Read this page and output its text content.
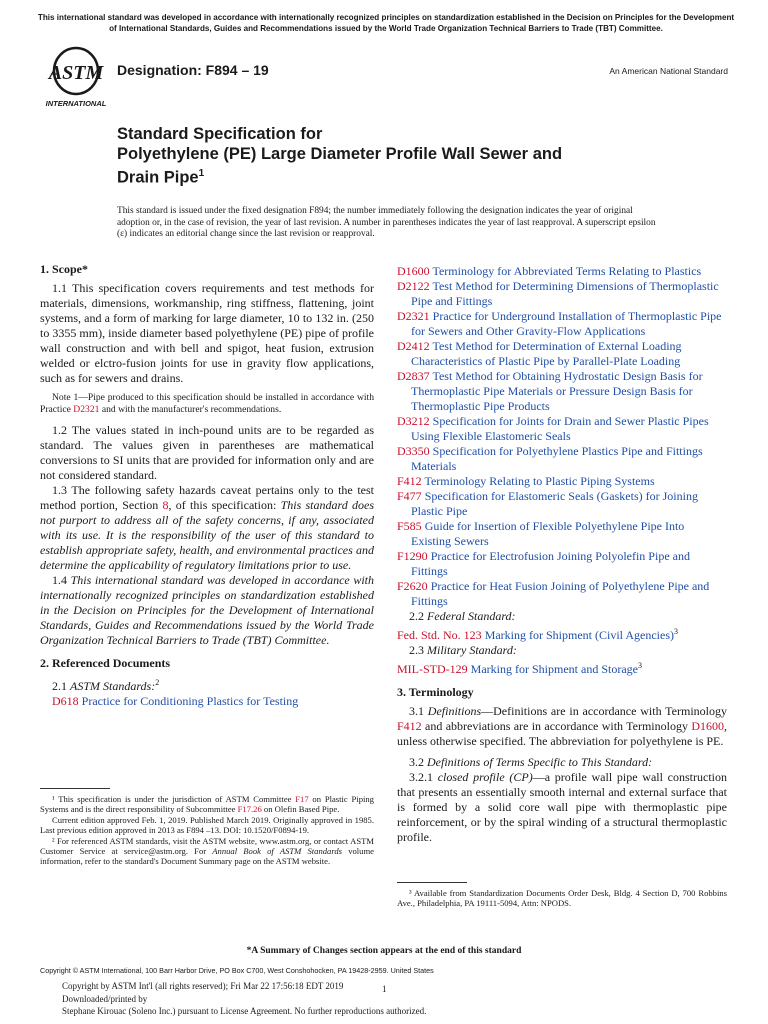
This international standard was developed in accordance with internationally recognized principles on standardization established in the Decision on Principles for the Development of International Standards, Guides and Recommendations issued by the World Trade Organization Technical Barriers to Trade (TBT) Committee.
ASTM
INTERNATIONAL
Designation: F894 – 19	An American National Standard
Standard Specification for
Polyethylene (PE) Large Diameter Profile Wall Sewer and
Drain Pipe$^1$
This standard is issued under the fixed designation F894; the number immediately following the designation indicates the year of original adoption or, in the case of revision, the year of last revision. A number in parentheses indicates the year of last reapproval. A superscript epsilon (ε) indicates an editorial change since the last revision or reapproval.
1. Scope*

1.1 This specification covers requirements and test methods for materials, dimensions, workmanship, ring stiffness, flattening, joint systems, and a form of marking for large diameter, 10 to 132 in. (250 to 3355 mm), inside diameter based polyethylene (PE) pipe of profile wall construction and with bell and spigot, heat fusion, extrusion welded or elctro-fusion joints for use in gravity flow applications, such as for sewers and drains.

Note 1—Pipe produced to this specification should be installed in accordance with Practice D2321 and with the manufacturer's recommendations.

1.2 The values stated in inch-pound units are to be regarded as standard. The values given in parentheses are mathematical conversions to SI units that are provided for information only and are not considered standard.

1.3 The following safety hazards caveat pertains only to the test method portion, Section 8, of this specification: This standard does not purport to address all of the safety concerns, if any, associated with its use. It is the responsibility of the user of this standard to establish appropriate safety, health, and environmental practices and determine the applicability of regulatory limitations prior to use.

1.4 This international standard was developed in accordance with internationally recognized principles on standardization established in the Decision on Principles for the Development of International Standards, Guides and Recommendations issued by the World Trade Organization Technical Barriers to Trade (TBT) Committee.

2. Referenced Documents

2.1 ASTM Standards:$^2$

D618 Practice for Conditioning Plastics for Testing

¹ This specification is under the jurisdiction of ASTM Committee F17 on Plastic Piping Systems and is the direct responsibility of Subcommittee F17.26 on Olefin Based Pipe.

Current edition approved Feb. 1, 2019. Published March 2019. Originally approved in 1985. Last previous edition approved in 2013 as F894 –13. DOI: 10.1520/F0894-19.

² For referenced ASTM standards, visit the ASTM website, www.astm.org, or contact ASTM Customer Service at service@astm.org. For Annual Book of ASTM Standards volume information, refer to the standard's Document Summary page on the ASTM website.

D1600 Terminology for Abbreviated Terms Relating to Plastics

D2122 Test Method for Determining Dimensions of Thermoplastic Pipe and Fittings

D2321 Practice for Underground Installation of Thermoplastic Pipe for Sewers and Other Gravity-Flow Applications

D2412 Test Method for Determination of External Loading Characteristics of Plastic Pipe by Parallel-Plate Loading

D2837 Test Method for Obtaining Hydrostatic Design Basis for Thermoplastic Pipe Materials or Pressure Design Basis for Thermoplastic Pipe Products

D3212 Specification for Joints for Drain and Sewer Plastic Pipes Using Flexible Elastomeric Seals

D3350 Specification for Polyethylene Plastics Pipe and Fittings Materials

F412 Terminology Relating to Plastic Piping Systems

F477 Specification for Elastomeric Seals (Gaskets) for Joining Plastic Pipe

F585 Guide for Insertion of Flexible Polyethylene Pipe Into Existing Sewers

F1290 Practice for Electrofusion Joining Polyolefin Pipe and Fittings

F2620 Practice for Heat Fusion Joining of Polyethylene Pipe and Fittings

2.2 Federal Standard:

Fed. Std. No. 123 Marking for Shipment (Civil Agencies)$^3$

2.3 Military Standard:

MIL-STD-129 Marking for Shipment and Storage$^3$

3. Terminology

3.1 Definitions—Definitions are in accordance with Terminology F412 and abbreviations are in accordance with Terminology D1600, unless otherwise specified. The abbreviation for polyethylene is PE.

3.2 Definitions of Terms Specific to This Standard:

3.2.1 closed profile (CP)—a profile wall pipe wall construction that presents an essentially smooth internal and external surface that is formed by a solid core wall pipe with thermoplastic pipe reinforcement, or by the spiral winding of a structural thermoplastic profile.

³ Available from Standardization Documents Order Desk, Bldg. 4 Section D, 700 Robbins Ave., Philadelphia, PA 19111-5094, Attn: NPODS.

*A Summary of Changes section appears at the end of this standard
Copyright © ASTM International, 100 Barr Harbor Drive, PO Box C700, West Conshohocken, PA 19428-2959. United States
Copyright by ASTM Int'l (all rights reserved); Fri Mar 22 17:56:18 EDT 2019
Downloaded/printed by
Stephane Kirouac (Soleno Inc.) pursuant to License Agreement. No further reproductions authorized.
1
